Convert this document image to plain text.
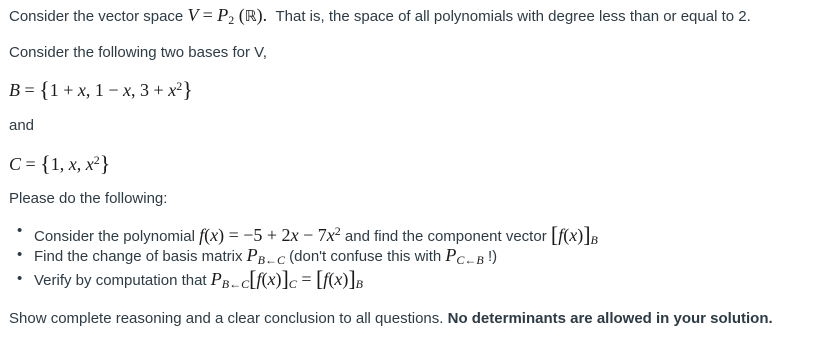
Consider the vector space $V = P_2$ (ℝ). That is, the space of all polynomials with degree less than or equal to 2.
Consider the following two bases for V,
B = {1 + x, 1 − x, $3 + x^2$}
and
C = {1, x, $x^2$}
Please do the following:
• Consider the polynomial $f(x) = -5 + 2x - 7x^2$ and find the component vector $[f(x)]_B$
• Find the change of basis matrix $P_{B\leftarrow C}$ (don't confuse this with $P_{C\leftarrow B}$ !)
• Verify by computation that $P_{B\leftarrow C}[f(x)]_C = [f(x)]_B$
Show complete reasoning and a clear conclusion to all questions. No determinants are allowed in your solution.
